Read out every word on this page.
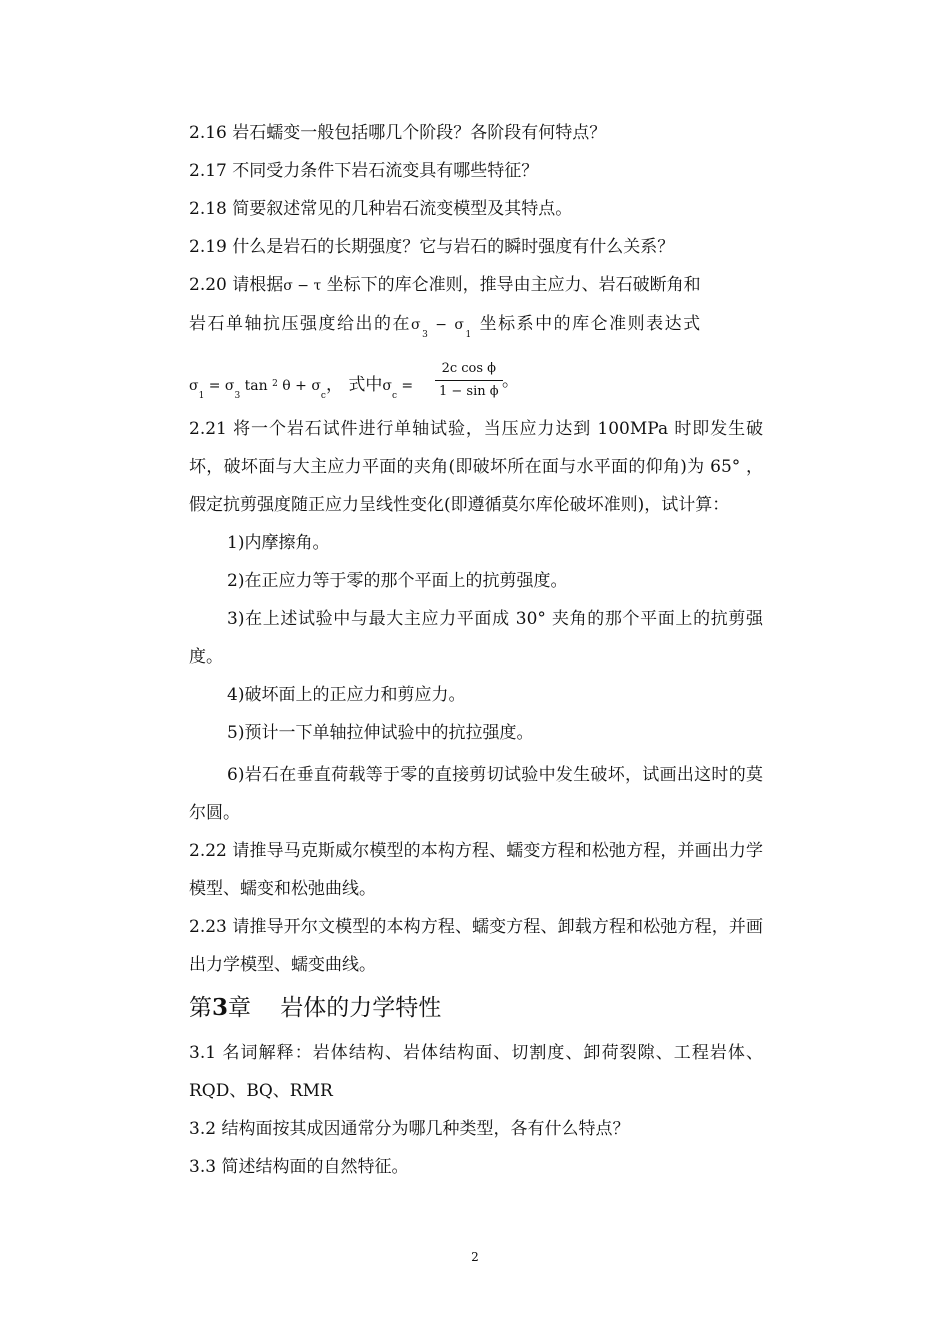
2.16 岩石蠕变一般包括哪几个阶段？各阶段有何特点？

2.17 不同受力条件下岩石流变具有哪些特征？

2.18 简要叙述常见的几种岩石流变模型及其特点。

2.19 什么是岩石的长期强度？它与岩石的瞬时强度有什么关系？

2.20 请根据σ − τ 坐标下的库仑准则，推导由主应力、岩石破断角和

岩石单轴抗压强度给出的在$\sigma_3 - \sigma_1$ 坐标系中的库仑准则表达式

$\sigma_1 = \sigma_3$ tan $^2$ $\theta + \sigma_c$， 式中$\sigma_c = \frac{\text{2c cos ϕ}}{\text{1 − sin ϕ}}$ 。

2.21 将一个岩石试件进行单轴试验，当压应力达到 100MPa 时即发生破坏，破坏面与大主应力平面的夹角(即破坏所在面与水平面的仰角)为 65° ，假定抗剪强度随正应力呈线性变化(即遵循莫尔库伦破坏准则)，试计算：

1)内摩擦角。

2)在正应力等于零的那个平面上的抗剪强度。

3)在上述试验中与最大主应力平面成 30° 夹角的那个平面上的抗剪强度。

4)破坏面上的正应力和剪应力。

5)预计一下单轴拉伸试验中的抗拉强度。

6)岩石在垂直荷载等于零的直接剪切试验中发生破坏，试画出这时的莫尔圆。

2.22 请推导马克斯威尔模型的本构方程、蠕变方程和松弛方程，并画出力学模型、蠕变和松弛曲线。

2.23 请推导开尔文模型的本构方程、蠕变方程、卸载方程和松弛方程，并画出力学模型、蠕变曲线。

第3章    岩体的力学特性

3.1 名词解释：岩体结构、岩体结构面、切割度、卸荷裂隙、工程岩体、RQD、BQ、RMR

3.2 结构面按其成因通常分为哪几种类型，各有什么特点？

3.3 简述结构面的自然特征。

2
